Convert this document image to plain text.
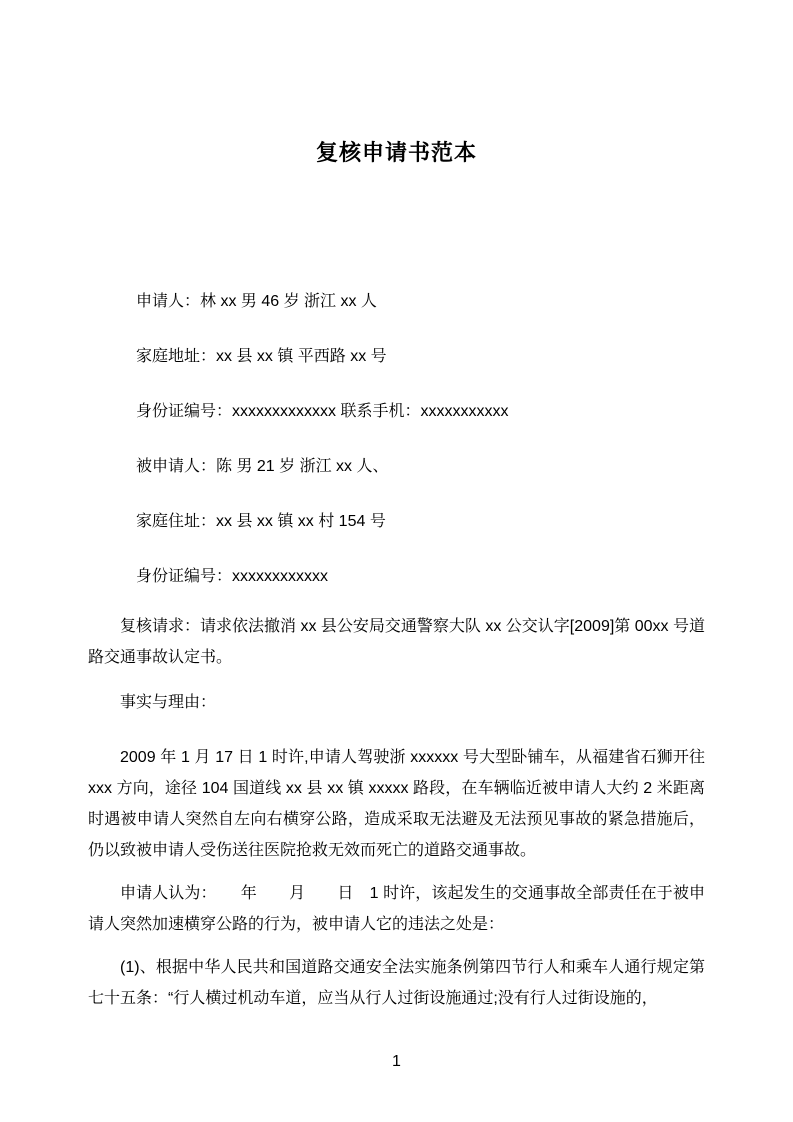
复核申请书范本

申请人：林 xx 男 46 岁 浙江 xx 人

家庭地址：xx 县 xx 镇 平西路 xx 号

身份证编号：xxxxxxxxxxxxx 联系手机：xxxxxxxxxxx

被申请人：陈 男 21 岁 浙江 xx 人、

家庭住址：xx 县 xx 镇 xx 村 154 号

身份证编号：xxxxxxxxxxxx

复核请求：请求依法撤消 xx 县公安局交通警察大队 xx 公交认字[2009]第 00xx 号道路交通事故认定书。

事实与理由：

2009 年 1 月 17 日 1 时许,申请人驾驶浙 xxxxxx 号大型卧铺车，从福建省石狮开往 xxx 方向，途径 104 国道线 xx 县 xx 镇 xxxxx 路段，在车辆临近被申请人大约 2 米距离时遇被申请人突然自左向右横穿公路，造成采取无法避及无法预见事故的紧急措施后，仍以致被申请人受伤送往医院抢救无效而死亡的道路交通事故。

申请人认为：　　年　　月　　日　1 时许，该起发生的交通事故全部责任在于被申请人突然加速横穿公路的行为，被申请人它的违法之处是：

(1)、根据中华人民共和国道路交通安全法实施条例第四节行人和乘车人通行规定第七十五条：“行人横过机动车道，应当从行人过街设施通过;没有行人过街设施的，

1
